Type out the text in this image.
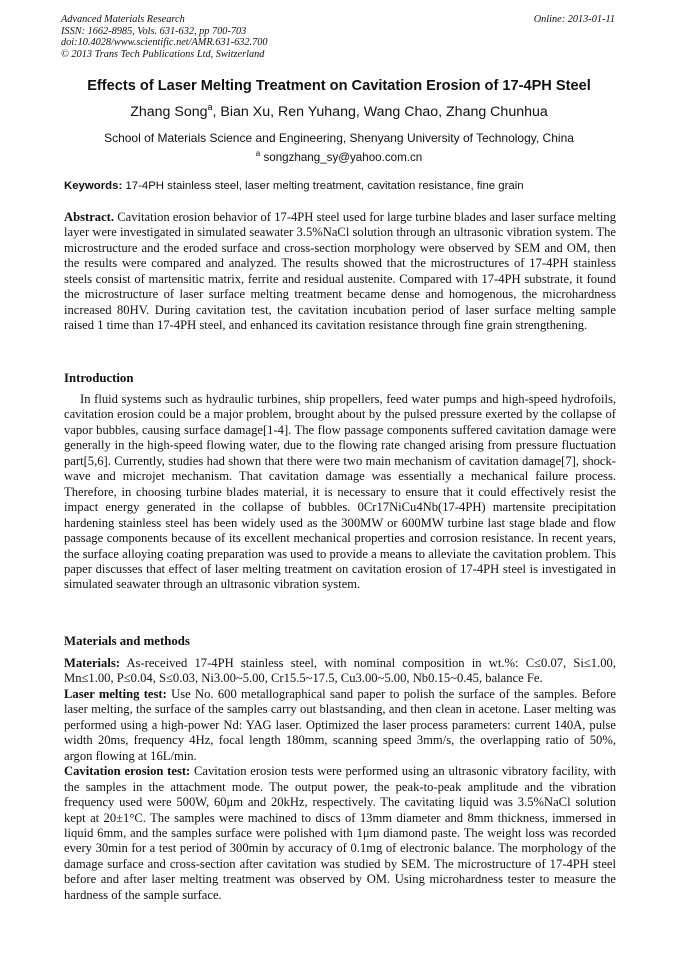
Advanced Materials Research
ISSN: 1662-8985, Vols. 631-632, pp 700-703
doi:10.4028/www.scientific.net/AMR.631-632.700
© 2013 Trans Tech Publications Ltd, Switzerland
Online: 2013-01-11
Effects of Laser Melting Treatment on Cavitation Erosion of 17-4PH Steel
Zhang Song$^a$, Bian Xu, Ren Yuhang, Wang Chao, Zhang Chunhua
School of Materials Science and Engineering, Shenyang University of Technology, China
$^a$ songzhang_sy@yahoo.com.cn
Keywords: 17-4PH stainless steel, laser melting treatment, cavitation resistance, fine grain

Abstract. Cavitation erosion behavior of 17-4PH steel used for large turbine blades and laser surface melting layer were investigated in simulated seawater 3.5%NaCl solution through an ultrasonic vibration system. The microstructure and the eroded surface and cross-section morphology were observed by SEM and OM, then the results were compared and analyzed. The results showed that the microstructures of 17-4PH stainless steels consist of martensitic matrix, ferrite and residual austenite. Compared with 17-4PH substrate, it found the microstructure of laser surface melting treatment became dense and homogenous, the microhardness increased 80HV. During cavitation test, the cavitation incubation period of laser surface melting sample raised 1 time than 17-4PH steel, and enhanced its cavitation resistance through fine grain strengthening.

Introduction

In fluid systems such as hydraulic turbines, ship propellers, feed water pumps and high-speed hydrofoils, cavitation erosion could be a major problem, brought about by the pulsed pressure exerted by the collapse of vapor bubbles, causing surface damage[1-4]. The flow passage components suffered cavitation damage were generally in the high-speed flowing water, due to the flowing rate changed arising from pressure fluctuation part[5,6]. Currently, studies had shown that there were two main mechanism of cavitation damage[7], shock-wave and microjet mechanism. That cavitation damage was essentially a mechanical failure process. Therefore, in choosing turbine blades material, it is necessary to ensure that it could effectively resist the impact energy generated in the collapse of bubbles. 0Cr17NiCu4Nb(17-4PH) martensite precipitation hardening stainless steel has been widely used as the 300MW or 600MW turbine last stage blade and flow passage components because of its excellent mechanical properties and corrosion resistance. In recent years, the surface alloying coating preparation was used to provide a means to alleviate the cavitation problem. This paper discusses that effect of laser melting treatment on cavitation erosion of 17-4PH steel is investigated in simulated seawater through an ultrasonic vibration system.

Materials and methods

Materials: As-received 17-4PH stainless steel, with nominal composition in wt.%: C≤0.07, Si≤1.00, Mn≤1.00, P≤0.04, S≤0.03, Ni3.00~5.00, Cr15.5~17.5, Cu3.00~5.00, Nb0.15~0.45, balance Fe.

Laser melting test: Use No. 600 metallographical sand paper to polish the surface of the samples. Before laser melting, the surface of the samples carry out blastsanding, and then clean in acetone. Laser melting was performed using a high-power Nd: YAG laser. Optimized the laser process parameters: current 140A, pulse width 20ms, frequency 4Hz, focal length 180mm, scanning speed 3mm/s, the overlapping ratio of 50%, argon flowing at 16L/min.

Cavitation erosion test: Cavitation erosion tests were performed using an ultrasonic vibratory facility, with the samples in the attachment mode. The output power, the peak-to-peak amplitude and the vibration frequency used were 500W, 60μm and 20kHz, respectively. The cavitating liquid was 3.5%NaCl solution kept at 20±1°C. The samples were machined to discs of 13mm diameter and 8mm thickness, immersed in liquid 6mm, and the samples surface were polished with 1μm diamond paste. The weight loss was recorded every 30min for a test period of 300min by accuracy of 0.1mg of electronic balance. The morphology of the damage surface and cross-section after cavitation was studied by SEM. The microstructure of 17-4PH steel before and after laser melting treatment was observed by OM. Using microhardness tester to measure the hardness of the sample surface.
